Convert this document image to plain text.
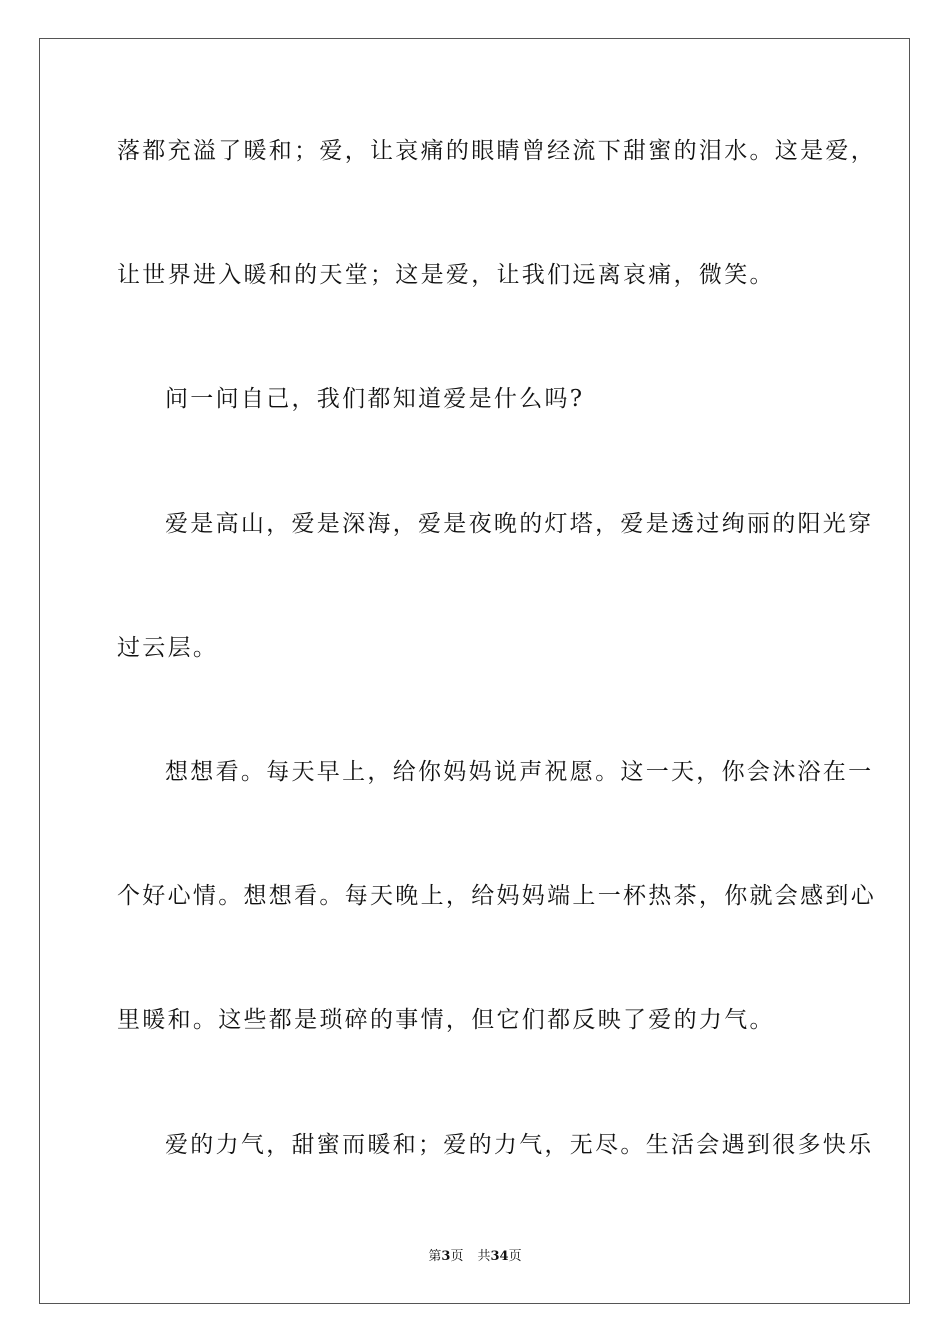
落都充溢了暖和；爱，让哀痛的眼睛曾经流下甜蜜的泪水。这是爱，
让世界进入暖和的天堂；这是爱，让我们远离哀痛，微笑。
问一问自己，我们都知道爱是什么吗?
爱是高山，爱是深海，爱是夜晚的灯塔，爱是透过绚丽的阳光穿
过云层。
想想看。每天早上，给你妈妈说声祝愿。这一天，你会沐浴在一
个好心情。想想看。每天晚上，给妈妈端上一杯热茶，你就会感到心
里暖和。这些都是琐碎的事情，但它们都反映了爱的力气。
爱的力气，甜蜜而暖和；爱的力气，无尽。生活会遇到很多快乐
第3页 共34页
